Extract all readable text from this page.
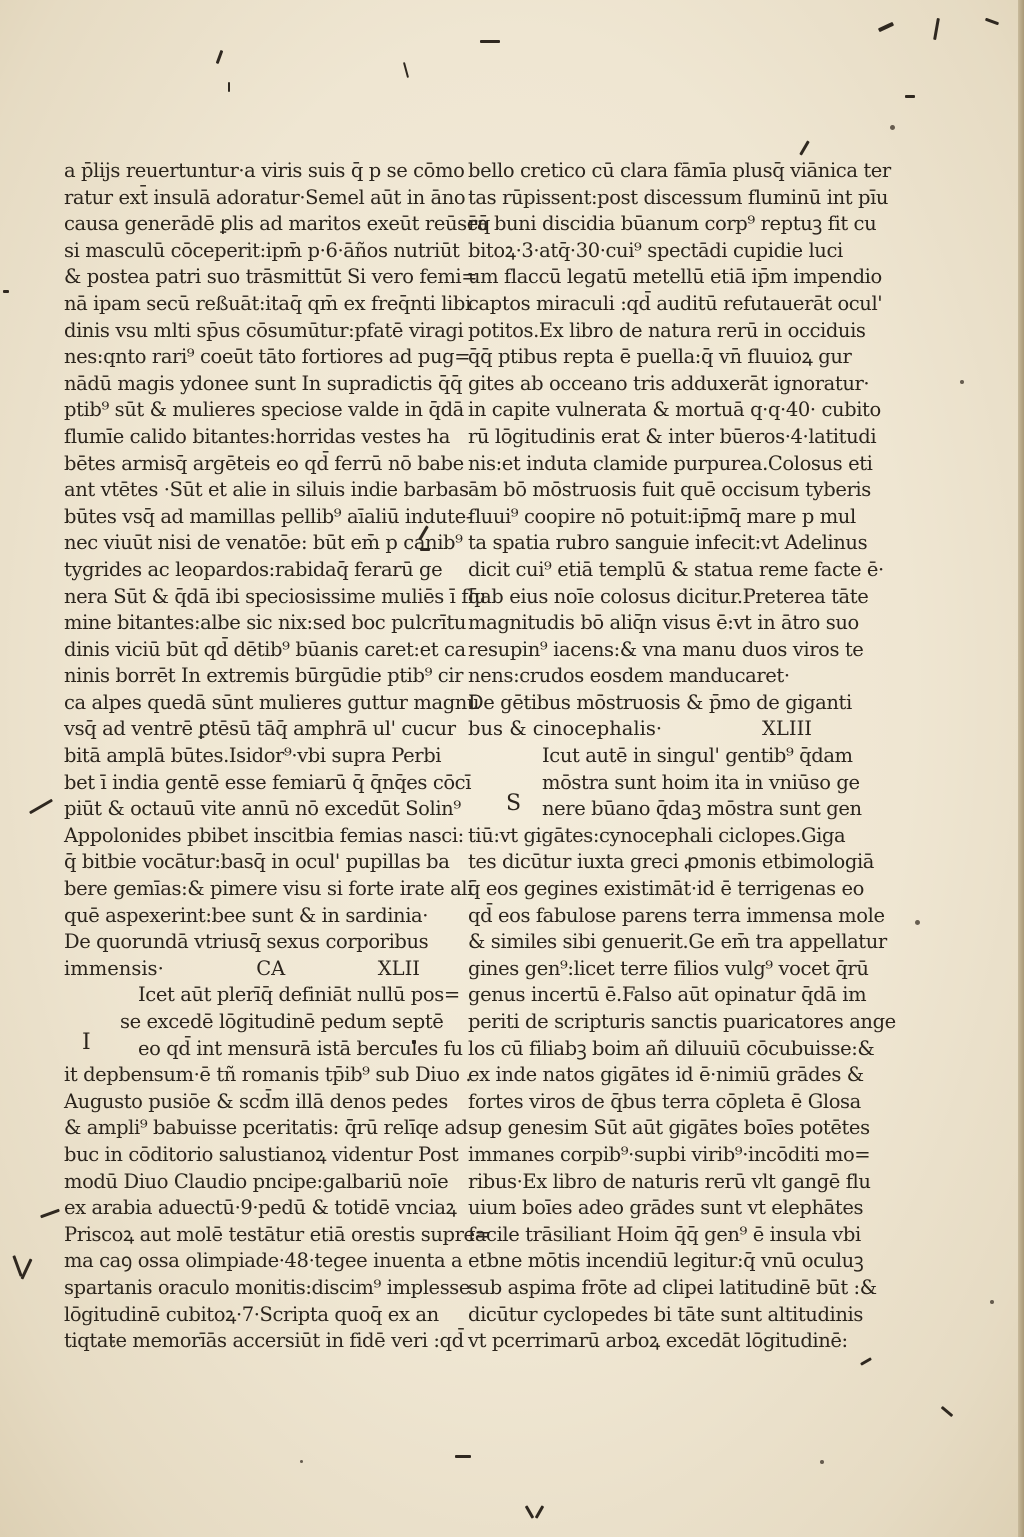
a p̄lijs reuertuntur·a viris suis q̄ p se cōmo
ratur ext̄ insulā adoratur·Semel aūt in āno
causa generādē ꝑlis ad maritos exeūt reūsēq̄
si masculū cōceperit:ipm̄ p·6·āños nutriūt
& postea patri suo trāsmittūt Si vero femi=
nā ipam secū reßuāt:itaq̄ qm̄ ex freq̄nti libi
dinis vsu mlti sp̄us cōsumūtur:pfatē viragi
nes:qnto rari⁹ coeūt tāto fortiores ad pug=
nādū magis ydonee sunt In supradictis q̄q̄
ptib⁹ sūt & mulieres speciose valde in q̄dā
flumīe calido bitantes:horridas vestes ha
bētes armisq̄ argēteis eo qd̄ ferrū nō babe
ant vtētes ·Sūt et alie in siluis indie barbas
būtes vsq̄ ad mamillas pellib⁹ aīaliū indute-
nec viuūt nisi de venatōe: būt em̄ p canib⁹
tygrides ac leopardos:rabidaq̄ ferarū ge
nera Sūt & q̄dā ibi speciosissime muliēs ī flu
mine bitantes:albe sic nix:sed boc pulcrītu
dinis viciū būt qd̄ dētib⁹ būanis caret:et ca
ninis borrēt In extremis būrgūdie ptib⁹ cir
ca alpes quedā sūnt mulieres guttur magnū
vsq̄ ad ventrē ꝑtēsū tāq̄ amphrā ul' cucur
bitā amplā būtes.Isidor⁹·vbi supra Perbi
bet ī india gentē esse femiarū q̄ q̄nq̄es cōcī
piūt & octauū vite annū nō excedūt Solin⁹
Appolonides pbibet inscitbia femias nasci:
q̄ bitbie vocātur:basq̄ in ocul' pupillas ba
bere gemīas:& pimere visu si forte irate ali
quē aspexerint:bee sunt & in sardinia·
De quorundā vtriusq̄ sexus corporibus
immensis·	CA	XLII
Icet aūt plerīq̄ definiāt nullū pos=
I
se excedē lōgitudinē pedum septē
eo qd̄ int mensurā istā bercules fu
it depbensum·ē tñ romanis tp̄ib⁹ sub Diuo .
Augusto pusiōe & scd̄m illā denos pedes
& ampli⁹ babuisse pceritatis: q̄rū relīqe ad
buc in cōditorio salustianoꝝ videntur Post
modū Diuo Claudio pncipe:galbariū noīe
ex arabia aduectū·9·pedū & totidē vnciaꝝ
Priscoꝝ aut molē testātur etiā orestis supre=
ma caꝯ ossa olimpiade·48·tegee inuenta a
spartanis oraculo monitis:discim⁹ implesse
lōgitudinē cubitoꝝ·7·Scripta quoq̄ ex an
tiqtate memorīās accersiūt in fidē veri :qd̄
bello cretico cū clara fāmīa plusq̄ viānica ter
tas rūpissent:post discessum fluminū int pīu
ra buni discidia būanum corp⁹ reptuꝫ fit cu
bitoꝝ·3·atq̄·30·cui⁹ spectādi cupidie luci
um flaccū legatū metellū etiā ip̄m impendio
captos miraculi :qd̄ auditū refutauerāt ocul'
potitos.Ex libro de natura rerū in occiduis
q̄q̄ ptibus repta ē puella:q̄ vn̄ fluuioꝝ gur
gites ab occeano tris adduxerāt ignoratur·
in capite vulnerata & mortuā q·q·40· cubito
rū lōgitudinis erat & inter būeros·4·latitudi
nis:et induta clamide purpurea.Colosus eti
ām bō mōstruosis fuit quē occisum tyberis
fluui⁹ coopire nō potuit:ip̄mq̄ mare p mul
ta spatia rubro sanguie infecit:vt Adelinus
dicit cui⁹ etiā templū & statua reme facte ē·
q̄ab eius noīe colosus dicitur.Preterea tāte
magnitudis bō aliq̄n visus ē:vt in ātro suo
resupin⁹ iacens:& vna manu duos viros te
nens:crudos eosdem manducaret·
De gētibus mōstruosis & p̄mo de giganti
bus & cinocephalis·	XLIII
Icut autē in singul' gentib⁹ q̄dam
S
mōstra sunt hoim ita in vniūso ge
nere būano q̄daꝫ mōstra sunt gen
tiū:vt gigātes:cynocephali ciclopes.Giga
tes dicūtur iuxta greci ꝓmonis etbimologiā
q̄ eos gegines existimāt·id ē terrigenas eo
qd̄ eos fabulose parens terra immensa mole
& similes sibi genuerit.Ge em̄ tra appellatur
gines gen⁹:licet terre filios vulg⁹ vocet q̄rū
genus incertū ē.Falso aūt opinatur q̄dā im
periti de scripturis sanctis puaricatores ange
los cū filiabꝫ boim añ diluuiū cōcubuisse:&
ex inde natos gigātes id ē·nimiū grādes &
fortes viros de q̄bus terra cōpleta ē Glosa
sup genesim Sūt aūt gigātes boīes potētes
immanes corpib⁹·supbi virib⁹·incōditi mo=
ribus·Ex libro de naturis rerū vlt gangē flu
uium boīes adeo grādes sunt vt elephātes
facile trāsiliant Hoim q̄q̄ gen⁹ ē insula vbi
etbne mōtis incendiū legitur:q̄ vnū oculuꝫ
sub aspima frōte ad clipei latitudinē būt :&
dicūtur cyclopedes bi tāte sunt altitudinis
vt pcerrimarū arboꝝ excedāt lōgitudinē:
